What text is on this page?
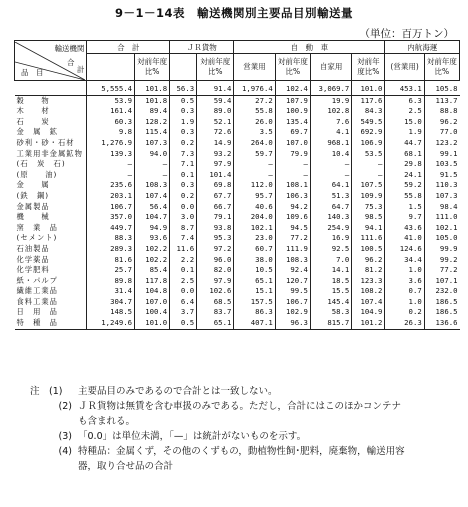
9－1－14表　輸送機関別主要品目別輸送量
（単位：百万トン）
輸送機関
合
計
品　目	合　計		ＪＲ貨物		自　動　車				内航海運	
		対前年度比%		対前年度比%	営業用	対前年度比%	自家用	対前年度比%	(営業用)	対前年度比%
	5,555.4	101.8	56.3	91.4	1,976.4	102.4	3,069.7	101.0	453.1	105.8
穀　　物	53.9	101.8	0.5	59.4	27.2	107.9	19.9	117.6	6.3	113.7
木　　材	161.4	89.4	0.3	89.0	55.8	100.9	102.8	84.3	2.5	88.8
石　　炭	60.3	128.2	1.9	52.1	26.0	135.4	7.6	549.5	15.0	96.2
金　属　鉱	9.8	115.4	0.3	72.6	3.5	69.7	4.1	692.9	1.9	77.0
砂利・砂・石材	1,276.9	107.3	0.2	14.9	264.0	107.0	968.1	106.9	44.7	123.2
工業用非金属鉱物	139.3	94.0	7.3	93.2	59.7	79.9	10.4	53.5	68.1	99.1
(石　炭　石)	—	—	7.1	97.9	—	—	—	—	29.8	103.5
(原　　油)	—	—	0.1	101.4	—	—	—	—	24.1	91.5
金　　属	235.6	108.3	0.3	69.8	112.0	108.1	64.1	107.5	59.2	110.3
(鉄　鋼)	203.1	107.4	0.2	67.7	95.7	106.3	51.3	109.9	55.8	107.3
金属製品	106.7	56.4	0.0	66.7	40.6	94.2	64.7	75.3	1.5	98.4
機　　械	357.0	104.7	3.0	79.1	204.0	109.6	140.3	98.5	9.7	111.0
窯　業　品	449.7	94.9	8.7	93.8	102.1	94.5	254.9	94.1	43.6	102.1
(セメント)	88.3	93.6	7.4	95.3	23.0	77.2	16.9	111.6	41.0	105.0
石油製品	289.3	102.2	11.6	97.2	60.7	111.9	92.5	100.5	124.6	99.9
化学薬品	81.6	102.2	2.2	96.0	38.0	108.3	7.0	96.2	34.4	99.2
化学肥料	25.7	85.4	0.1	82.0	10.5	92.4	14.1	81.2	1.0	77.2
紙・パルプ	89.8	117.8	2.5	97.9	65.1	120.7	18.5	123.3	3.6	107.1
繊維工業品	31.4	104.8	0.0	102.6	15.1	99.5	15.5	108.2	0.7	232.0
食料工業品	304.7	107.0	6.4	68.5	157.5	106.7	145.4	107.4	1.0	186.5
日　用　品	148.5	100.4	3.7	83.7	86.3	102.9	58.3	104.9	0.2	186.5
特　種　品	1,249.6	101.0	0.5	65.1	407.1	96.3	815.7	101.2	26.3	136.6
注　(1)	主要品目のみであるので合計とは一致しない。
(2) ＪＲ貨物は無賃を含む車扱のみである。ただし，合計にはこのほかコンテナ
も含まれる。
(3) 「0.0」は単位未満，「—」は統計がないものを示す。
(4) 特種品：金属くず，その他のくずもの，動植物性飼･肥料，廃棄物，輸送用容
器，取り合せ品の合計
